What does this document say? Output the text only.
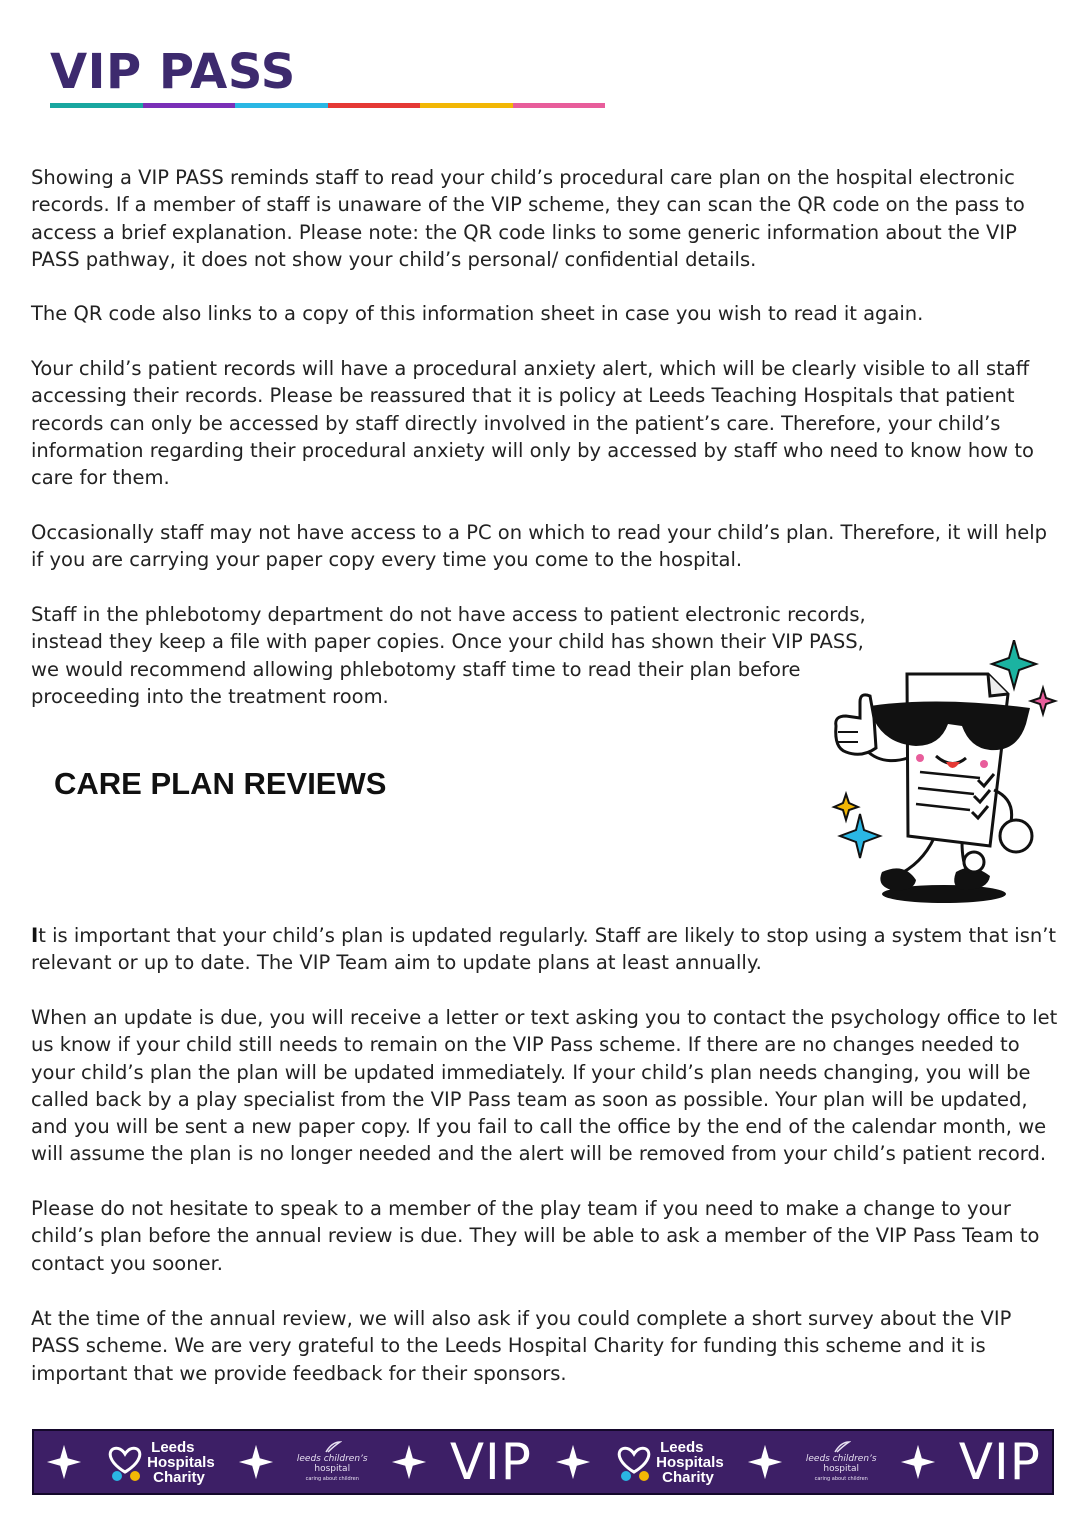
VIP PASS

Showing a VIP PASS reminds staff to read your child’s procedural care plan on the hospital electronic records. If a member of staff is unaware of the VIP scheme, they can scan the QR code on the pass to access a brief explanation. Please note: the QR code links to some generic information about the VIP PASS pathway, it does not show your child’s personal/ confidential details.

The QR code also links to a copy of this information sheet in case you wish to read it again.

Your child’s patient records will have a procedural anxiety alert, which will be clearly visible to all staff accessing their records. Please be reassured that it is policy at Leeds Teaching Hospitals that patient records can only be accessed by staff directly involved in the patient’s care. Therefore, your child’s information regarding their procedural anxiety will only by accessed by staff who need to know how to care for them.

Occasionally staff may not have access to a PC on which to read your child’s plan. Therefore, it will help if you are carrying your paper copy every time you come to the hospital.

Staff in the phlebotomy department do not have access to patient electronic records, instead they keep a file with paper copies. Once your child has shown their VIP PASS, we would recommend allowing phlebotomy staff time to read their plan before proceeding into the treatment room.

CARE PLAN REVIEWS

It is important that your child’s plan is updated regularly. Staff are likely to stop using a system that isn’t relevant or up to date. The VIP Team aim to update plans at least annually.

When an update is due, you will receive a letter or text asking you to contact the psychology office to let us know if your child still needs to remain on the VIP Pass scheme. If there are no changes needed to your child’s plan the plan will be updated immediately. If your child’s plan needs changing, you will be called back by a play specialist from the VIP Pass team as soon as possible. Your plan will be updated, and you will be sent a new paper copy. If you fail to call the office by the end of the calendar month, we will assume the plan is no longer needed and the alert will be removed from your child’s patient record.

Please do not hesitate to speak to a member of the play team if you need to make a change to your child’s plan before the annual review is due. They will be able to ask a member of the VIP Pass Team to contact you sooner.

At the time of the annual review, we will also ask if you could complete a short survey about the VIP PASS scheme. We are very grateful to the Leeds Hospital Charity for funding this scheme and it is important that we provide feedback for their sponsors.

Leeds
Hospitals
Charity
leeds children’s
hospital
caring about children VIP	Leeds
Hospitals
Charity
leeds children’s
hospital
caring about children VIP
